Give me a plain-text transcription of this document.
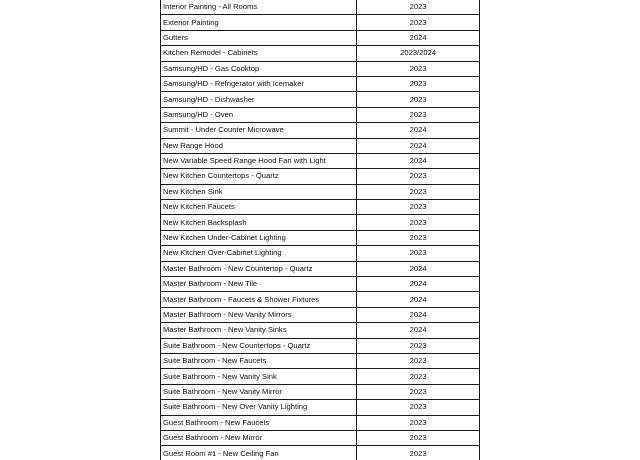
Interior Painting - All Rooms	2023
Exterior Painting	2023
Gutters	2024
Kitchen Remodel - Cabinets	2023/2024
Samsung/HD - Gas Cooktop	2023
Samsung/HD - Refrigerator with Icemaker	2023
Samsung/HD - Dishwasher	2023
Samsung/HD - Oven	2023
Summit - Under Counter Microwave	2024
New Range Hood	2024
New Variable Speed Range Hood Fan with Light	2024
New Kitchen Countertops - Quartz	2023
New Kitchen Sink	2023
New Kitchen Faucets	2023
New Kitchen Backsplash	2023
New Kitchen Under-Cabinet Lighting	2023
New Kitchen Over-Cabinet Lighting	2023
Master Bathroom - New Countertop - Quartz	2024
Master Bathroom - New Tile	2024
Master Bathroom - Faucets & Shower Fixtures	2024
Master Bathroom - New Vanity Mirrors	2024
Master Bathroom - New Vanity Sinks	2024
Suite Bathroom - New Countertops - Quartz	2023
Suite Bathroom - New Faucets	2023
Suite Bathroom - New Vanity Sink	2023
Suite Bathroom - New Vanity Mirror	2023
Suite Bathroom - New Over Vanity Lighting	2023
Guest Bathroom - New Faucets	2023
Guest Bathroom - New Mirror	2023
Guest Room #1 - New Ceiling Fan	2023
